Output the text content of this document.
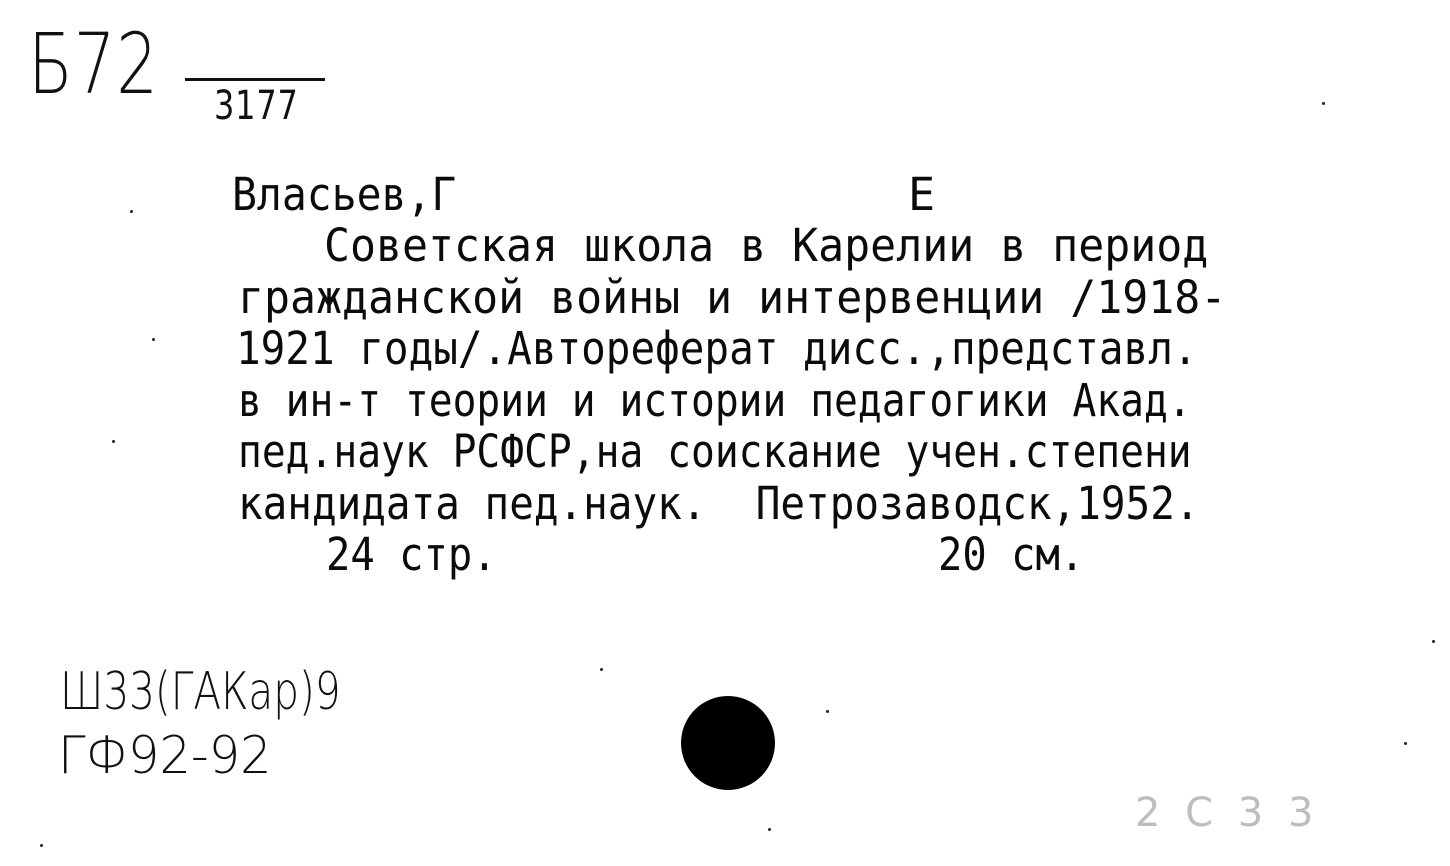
Б72 3177
Власьев,Г	Е
Советская школа в Карелии в период
гражданской войны и интервенции /1918-
1921 годы/.Автореферат дисс.,представл.
в ин-т теории и истории педагогики Акад.
пед.наук РСФСР,на соискание учен.степени
кандидата пед.наук.  Петрозаводск,1952.
24 стр.	20 см.
Ш33(ГАКар)9
ГФ92-92
2 С 3 3
